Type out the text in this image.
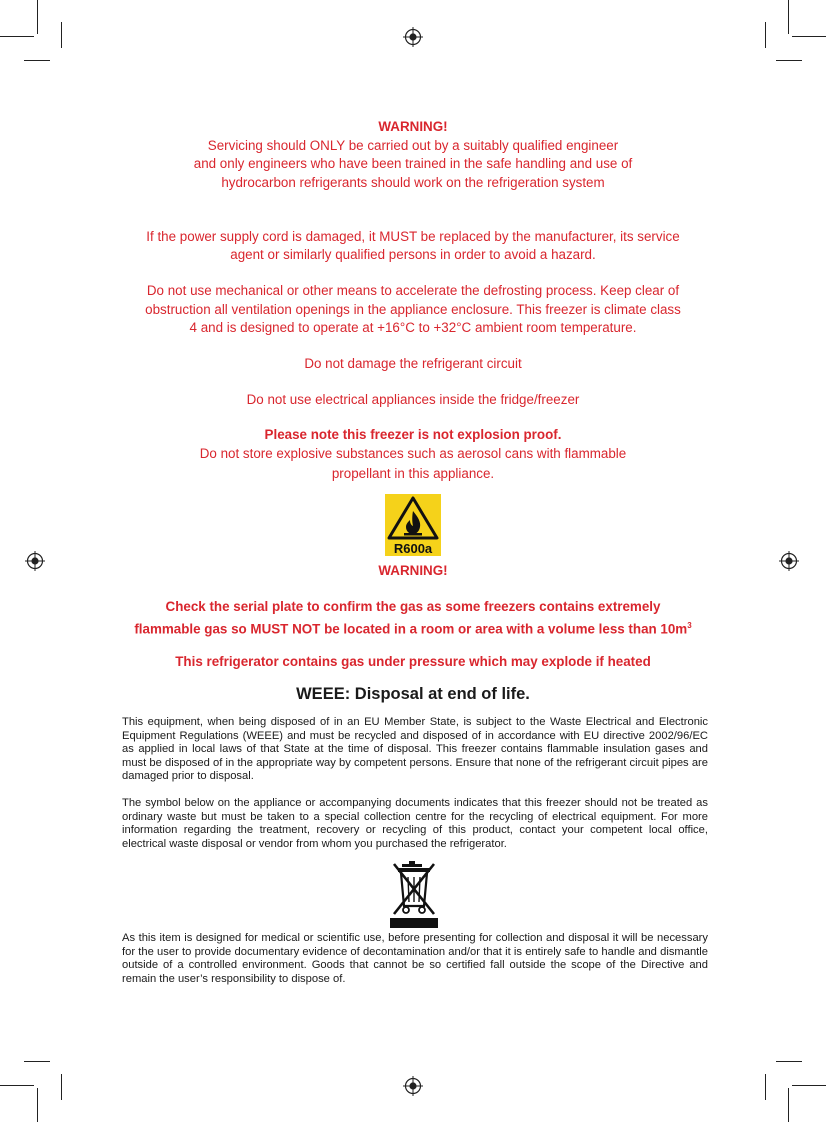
WARNING!
Servicing should ONLY be carried out by a suitably qualified engineer
and only engineers who have been trained in the safe handling and use of
hydrocarbon refrigerants should work on the refrigeration system
If the power supply cord is damaged, it MUST be replaced by the manufacturer, its service
agent or similarly qualified persons in order to avoid a hazard.
Do not use mechanical or other means to accelerate the defrosting process. Keep clear of
obstruction all ventilation openings in the appliance enclosure. This freezer is climate class
4 and is designed to operate at +16°C to +32°C ambient room temperature.
Do not damage the refrigerant circuit
Do not use electrical appliances inside the fridge/freezer
Please note this freezer is not explosion proof.
Do not store explosive substances such as aerosol cans with flammable
propellant in this appliance.
R600a
WARNING!
Check the serial plate to confirm the gas as some freezers contains extremely
flammable gas so MUST NOT be located in a room or area with a volume less than $10m^3$
This refrigerator contains gas under pressure which may explode if heated
WEEE: Disposal at end of life.
This equipment, when being disposed of in an EU Member State, is subject to the Waste Electrical and Electronic Equipment Regulations (WEEE) and must be recycled and disposed of in accordance with EU directive 2002/96/EC as applied in local laws of that State at the time of disposal. This freezer contains flammable insulation gases and must be disposed of in the appropriate way by competent persons. Ensure that none of the refrigerant circuit pipes are damaged prior to disposal.
The symbol below on the appliance or accompanying documents indicates that this freezer should not be treated as ordinary waste but must be taken to a special collection centre for the recycling of electrical equipment. For more information regarding the treatment, recovery or recycling of this product, contact your competent local office, electrical waste disposal or vendor from whom you purchased the refrigerator.
As this item is designed for medical or scientific use, before presenting for collection and disposal it will be necessary for the user to provide documentary evidence of decontamination and/or that it is entirely safe to handle and dismantle outside of a controlled environment. Goods that cannot be so certified fall outside the scope of the Directive and remain the user’s responsibility to dispose of.
